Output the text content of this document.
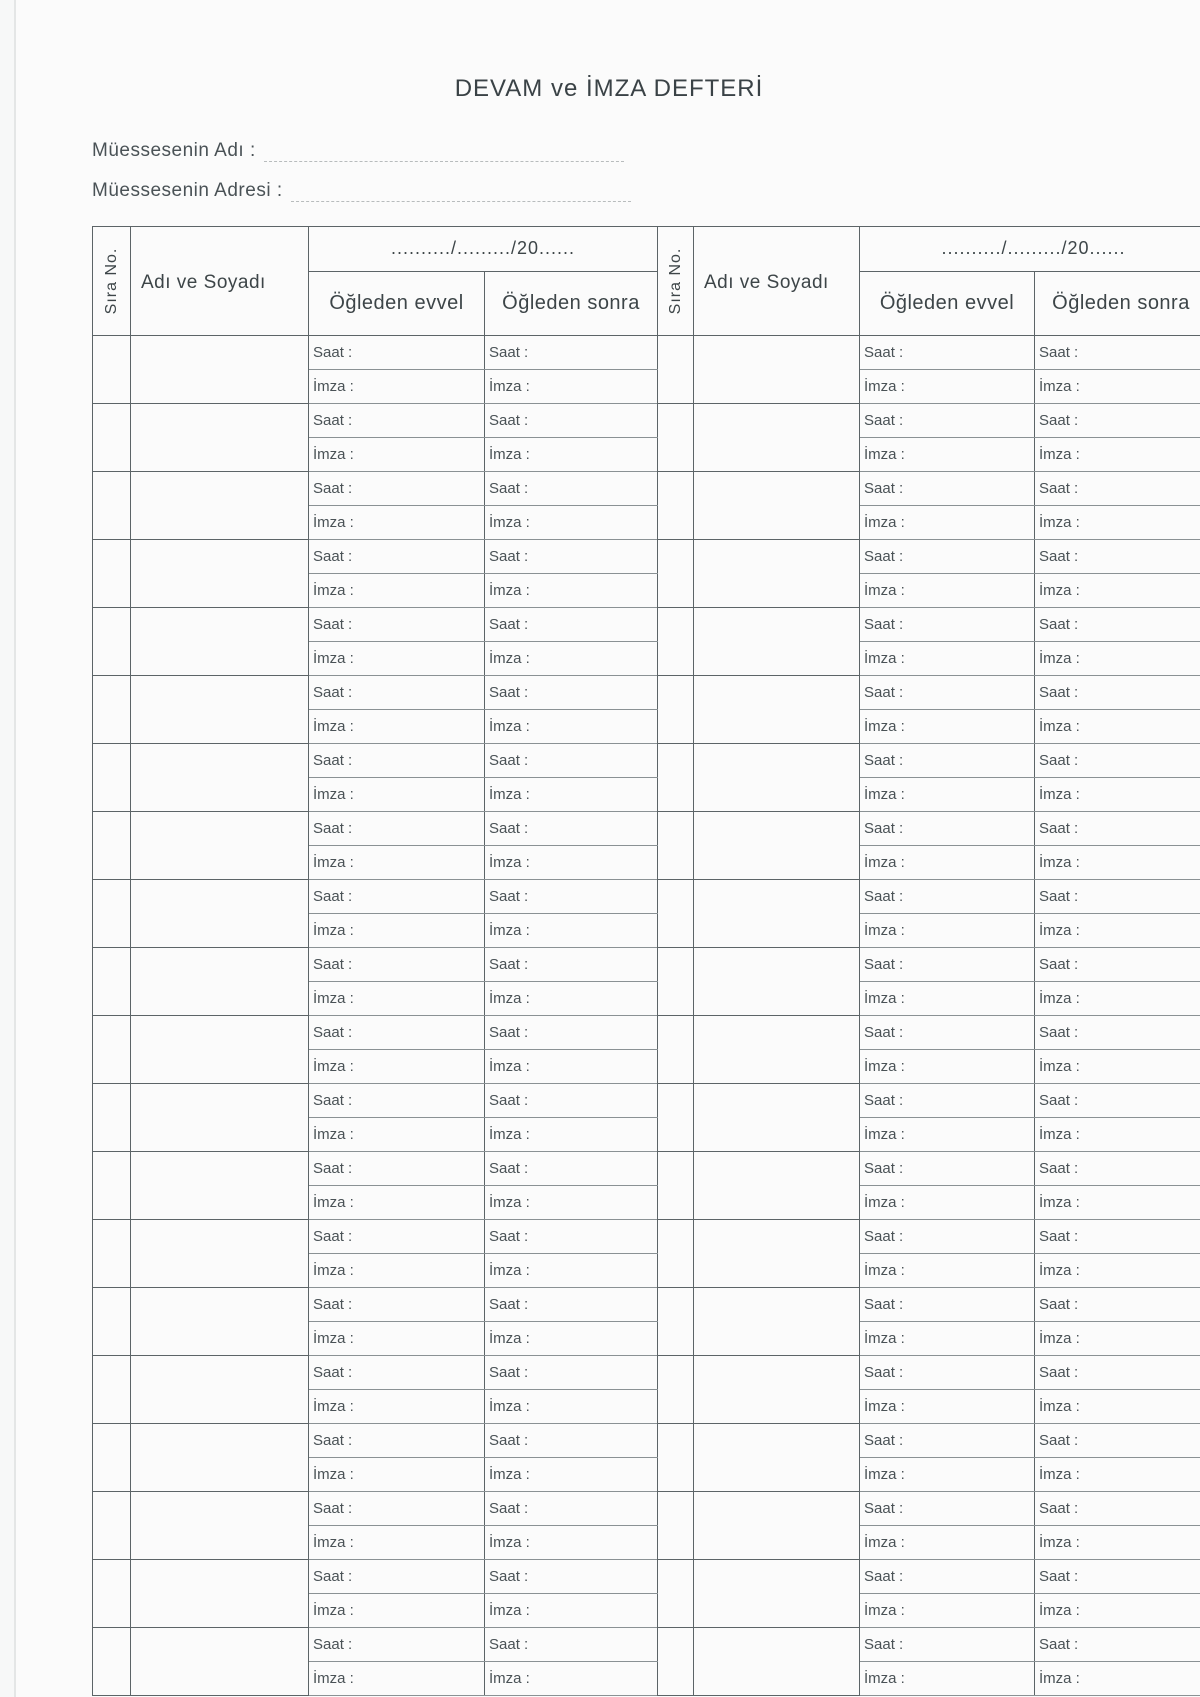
DEVAM ve İMZA DEFTERİ
Müessesenin Adı :
Müessesenin Adresi :
Sıra No.	Adı ve Soyadı	........../........./20......		Sıra No.	Adı ve Soyadı	........../........./20......	
		Öğleden evvel	Öğleden sonra			Öğleden evvel	Öğleden sonra
		Saat :	Saat :			Saat :	Saat :
		İmza :	İmza :			İmza :	İmza :
		Saat :	Saat :			Saat :	Saat :
		İmza :	İmza :			İmza :	İmza :
		Saat :	Saat :			Saat :	Saat :
		İmza :	İmza :			İmza :	İmza :
		Saat :	Saat :			Saat :	Saat :
		İmza :	İmza :			İmza :	İmza :
		Saat :	Saat :			Saat :	Saat :
		İmza :	İmza :			İmza :	İmza :
		Saat :	Saat :			Saat :	Saat :
		İmza :	İmza :			İmza :	İmza :
		Saat :	Saat :			Saat :	Saat :
		İmza :	İmza :			İmza :	İmza :
		Saat :	Saat :			Saat :	Saat :
		İmza :	İmza :			İmza :	İmza :
		Saat :	Saat :			Saat :	Saat :
		İmza :	İmza :			İmza :	İmza :
		Saat :	Saat :			Saat :	Saat :
		İmza :	İmza :			İmza :	İmza :
		Saat :	Saat :			Saat :	Saat :
		İmza :	İmza :			İmza :	İmza :
		Saat :	Saat :			Saat :	Saat :
		İmza :	İmza :			İmza :	İmza :
		Saat :	Saat :			Saat :	Saat :
		İmza :	İmza :			İmza :	İmza :
		Saat :	Saat :			Saat :	Saat :
		İmza :	İmza :			İmza :	İmza :
		Saat :	Saat :			Saat :	Saat :
		İmza :	İmza :			İmza :	İmza :
		Saat :	Saat :			Saat :	Saat :
		İmza :	İmza :			İmza :	İmza :
		Saat :	Saat :			Saat :	Saat :
		İmza :	İmza :			İmza :	İmza :
		Saat :	Saat :			Saat :	Saat :
		İmza :	İmza :			İmza :	İmza :
		Saat :	Saat :			Saat :	Saat :
		İmza :	İmza :			İmza :	İmza :
		Saat :	Saat :			Saat :	Saat :
		İmza :	İmza :			İmza :	İmza :
